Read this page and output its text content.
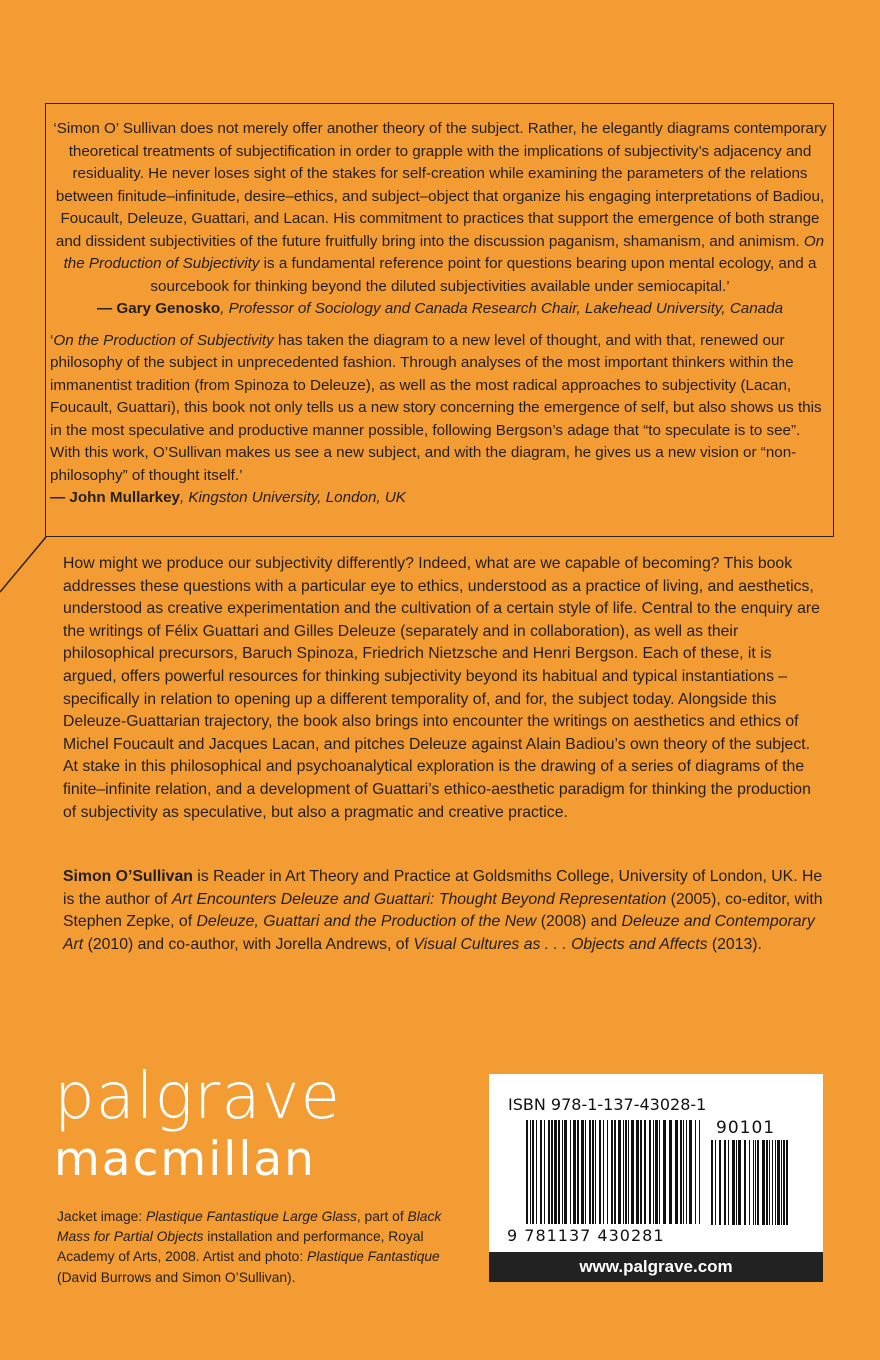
‘Simon O’ Sullivan does not merely offer another theory of the subject. Rather, he elegantly diagrams contemporary theoretical treatments of subjectification in order to grapple with the implications of subjectivity’s adjacency and residuality. He never loses sight of the stakes for self-creation while examining the parameters of the relations between finitude–infinitude, desire–ethics, and subject–object that organize his engaging interpretations of Badiou, Foucault, Deleuze, Guattari, and Lacan. His commitment to practices that support the emergence of both strange and dissident subjectivities of the future fruitfully bring into the discussion paganism, shamanism, and animism. On the Production of Subjectivity is a fundamental reference point for questions bearing upon mental ecology, and a sourcebook for thinking beyond the diluted subjectivities available under semiocapital.’

— Gary Genosko, Professor of Sociology and Canada Research Chair, Lakehead University, Canada

‘On the Production of Subjectivity has taken the diagram to a new level of thought, and with that, renewed our philosophy of the subject in unprecedented fashion. Through analyses of the most important thinkers within the immanentist tradition (from Spinoza to Deleuze), as well as the most radical approaches to subjectivity (Lacan, Foucault, Guattari), this book not only tells us a new story concerning the emergence of self, but also shows us this in the most speculative and productive manner possible, following Bergson’s adage that “to speculate is to see”. With this work, O’Sullivan makes us see a new subject, and with the diagram, he gives us a new vision or “non-philosophy” of thought itself.’

— John Mullarkey, Kingston University, London, UK

How might we produce our subjectivity differently? Indeed, what are we capable of becoming? This book addresses these questions with a particular eye to ethics, understood as a practice of living, and aesthetics, understood as creative experimentation and the cultivation of a certain style of life. Central to the enquiry are the writings of Félix Guattari and Gilles Deleuze (separately and in collaboration), as well as their philosophical precursors, Baruch Spinoza, Friedrich Nietzsche and Henri Bergson. Each of these, it is argued, offers powerful resources for thinking subjectivity beyond its habitual and typical instantiations – specifically in relation to opening up a different temporality of, and for, the subject today. Alongside this Deleuze-Guattarian trajectory, the book also brings into encounter the writings on aesthetics and ethics of Michel Foucault and Jacques Lacan, and pitches Deleuze against Alain Badiou’s own theory of the subject. At stake in this philosophical and psychoanalytical exploration is the drawing of a series of diagrams of the finite–infinite relation, and a development of Guattari’s ethico-aesthetic paradigm for thinking the production of subjectivity as speculative, but also a pragmatic and creative practice.

Simon O’Sullivan is Reader in Art Theory and Practice at Goldsmiths College, University of London, UK. He is the author of Art Encounters Deleuze and Guattari: Thought Beyond Representation (2005), co-editor, with Stephen Zepke, of Deleuze, Guattari and the Production of the New (2008) and Deleuze and Contemporary Art (2010) and co-author, with Jorella Andrews, of Visual Cultures as . . . Objects and Affects (2013).

palgrave
macmillan

Jacket image: Plastique Fantastique Large Glass, part of Black Mass for Partial Objects installation and performance, Royal Academy of Arts, 2008. Artist and photo: Plastique Fantastique (David Burrows and Simon O’Sullivan).

ISBN 978-1-137-43028-1
9 781137 430281
90101
www.palgrave.com
